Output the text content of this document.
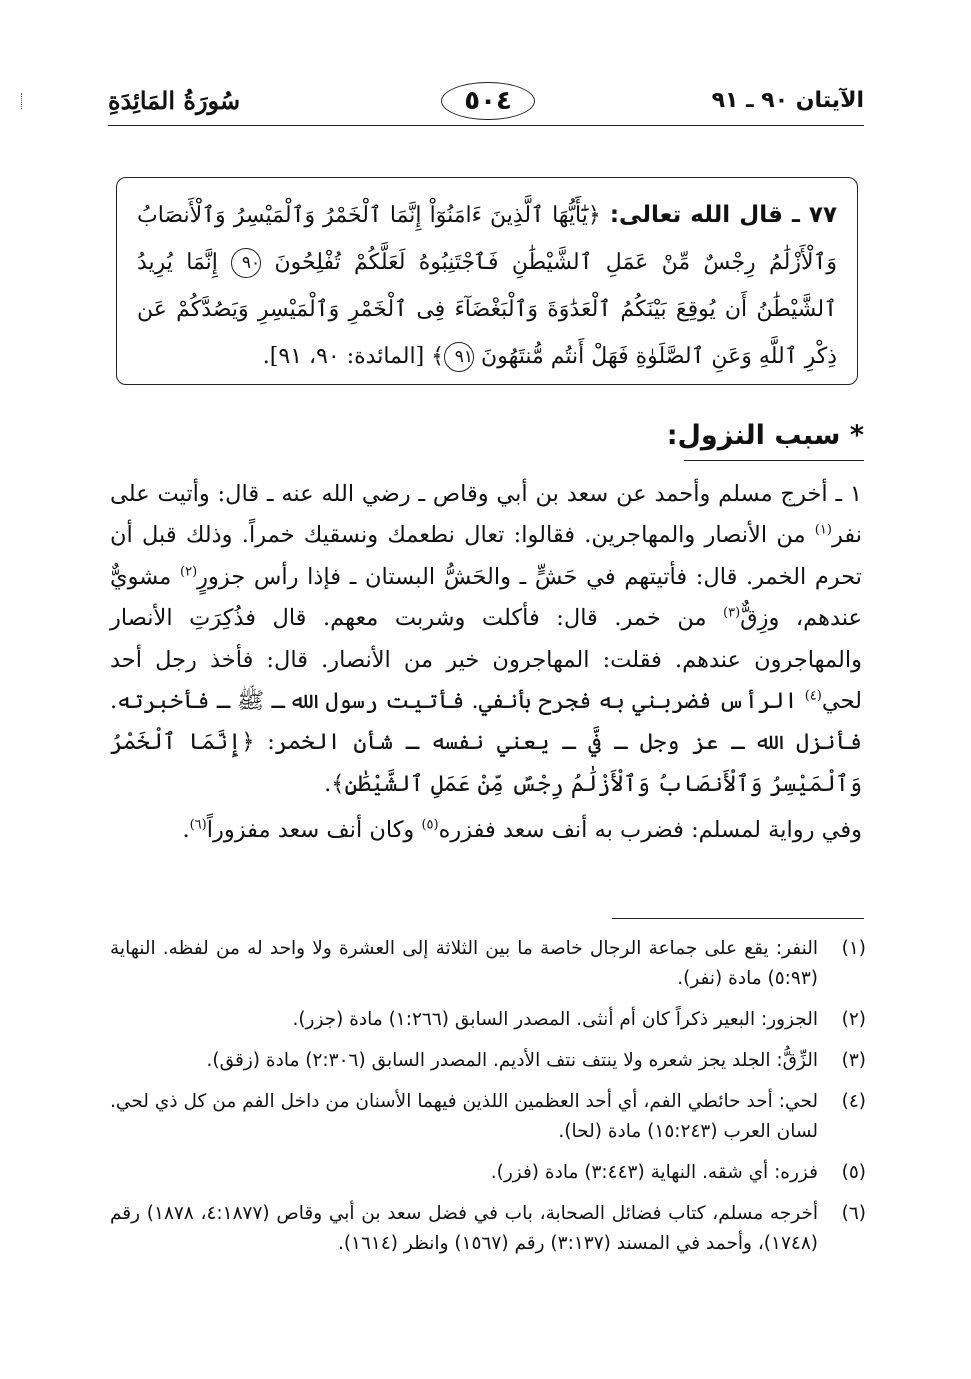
الآيتان ٩٠ ـ ٩١
٥٠٤
سُورَةُ المَائِدَةِ
٧٧ ـ قال الله تعالى: ﴿يَٰٓأَيُّهَا ٱلَّذِينَ ءَامَنُوٓاْ إِنَّمَا ٱلْخَمْرُ وَٱلْمَيْسِرُ وَٱلْأَنصَابُ وَٱلْأَزْلَٰمُ رِجْسٌ مِّنْ عَمَلِ ٱلشَّيْطَٰنِ فَٱجْتَنِبُوهُ لَعَلَّكُمْ تُفْلِحُونَ ٩٠ إِنَّمَا يُرِيدُ ٱلشَّيْطَٰنُ أَن يُوقِعَ بَيْنَكُمُ ٱلْعَدَٰوَةَ وَٱلْبَغْضَآءَ فِى ٱلْخَمْرِ وَٱلْمَيْسِرِ وَيَصُدَّكُمْ عَن ذِكْرِ ٱللَّهِ وَعَنِ ٱلصَّلَوٰةِ فَهَلْ أَنتُم مُّنتَهُونَ ٩١﴾ [المائدة: ٩٠، ٩١].
* سبب النزول:
١ ـ أخرج مسلم وأحمد عن سعد بن أبي وقاص ـ رضي الله عنه ـ قال: وأتيت على نفر$^{(١)}$ من الأنصار والمهاجرين. فقالوا: تعال نطعمك ونسقيك خمراً. وذلك قبل أن تحرم الخمر. قال: فأتيتهم في حَشٍّ ـ والحَشُّ البستان ـ فإذا رأس جزورٍ$^{(٢)}$ مشويٌّ عندهم، وزِقٌّ$^{(٣)}$ من خمر. قال: فأكلت وشربت معهم. قال فذُكِرَتِ الأنصار والمهاجرون عندهم. فقلت: المهاجرون خير من الأنصار. قال: فأخذ رجل أحد لحي$^{(٤)}$ الرأس فضربني به فجرح بأنفي. فأتيت رسول الله ـ ﷺ ـ فأخبرته. فأنزل الله ـ عز وجل ـ فيَّ ـ يعني نفسه ـ شأن الخمر: ﴿إِنَّمَا ٱلْخَمْرُ وَٱلْمَيْسِرُ وَٱلْأَنصَابُ وَٱلْأَزْلَٰمُ رِجْسٌ مِّنْ عَمَلِ ٱلشَّيْطَٰنِ﴾.
وفي رواية لمسلم: فضرب به أنف سعد ففزره$^{(٥)}$ وكان أنف سعد مفزوراً$^{(٦)}$.
(١)
النفر: يقع على جماعة الرجال خاصة ما بين الثلاثة إلى العشرة ولا واحد له من لفظه. النهاية (٥:٩٣) مادة (نفر).
(٢)
الجزور: البعير ذكراً كان أم أنثى. المصدر السابق (١:٢٦٦) مادة (جزر).
(٣)
الزِّقُّ: الجلد يجز شعره ولا ينتف نتف الأديم. المصدر السابق (٢:٣٠٦) مادة (زقق).
(٤)
لحي: أحد حائطي الفم، أي أحد العظمين اللذين فيهما الأسنان من داخل الفم من كل ذي لحي. لسان العرب (١٥:٢٤٣) مادة (لحا).
(٥)
فزره: أي شقه. النهاية (٣:٤٤٣) مادة (فزر).
(٦)
أخرجه مسلم، كتاب فضائل الصحابة، باب في فضل سعد بن أبي وقاص (٤:١٨٧٧، ١٨٧٨) رقم (١٧٤٨)، وأحمد في المسند (٣:١٣٧) رقم (١٥٦٧) وانظر (١٦١٤).
